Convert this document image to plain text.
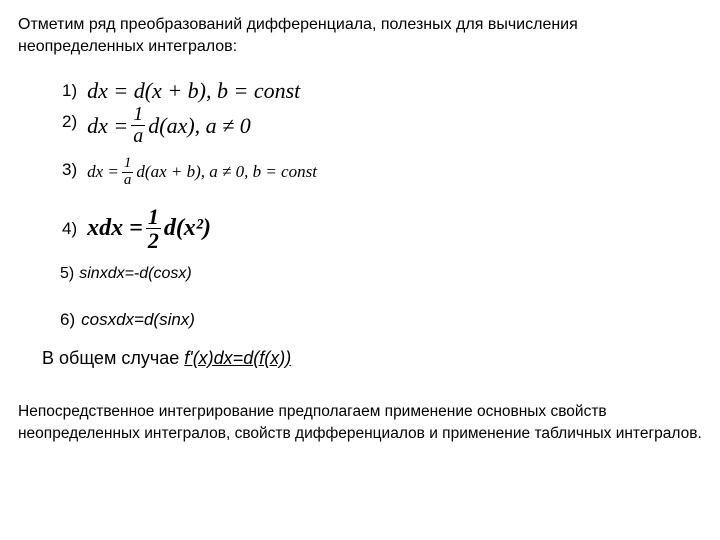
Отметим ряд преобразований дифференциала, полезных для вычисления неопределенных интегралов:
1) dx = d(x + b), b = const
2) dx = $\frac{1}{a} d(ax)$, a ≠ 0
3) dx = $\frac{1}{a} d(ax + b)$, a ≠ 0, b = const
4) xdx = $\frac{1}{2} d(x^2)$
5) sinxdx=-d(cosx)
6) cosxdx=d(sinx)
В общем случае f'(x)dx=d(f(x))
Непосредственное интегрирование предполагаем применение основных свойств неопределенных интегралов, свойств дифференциалов и применение табличных интегралов.
